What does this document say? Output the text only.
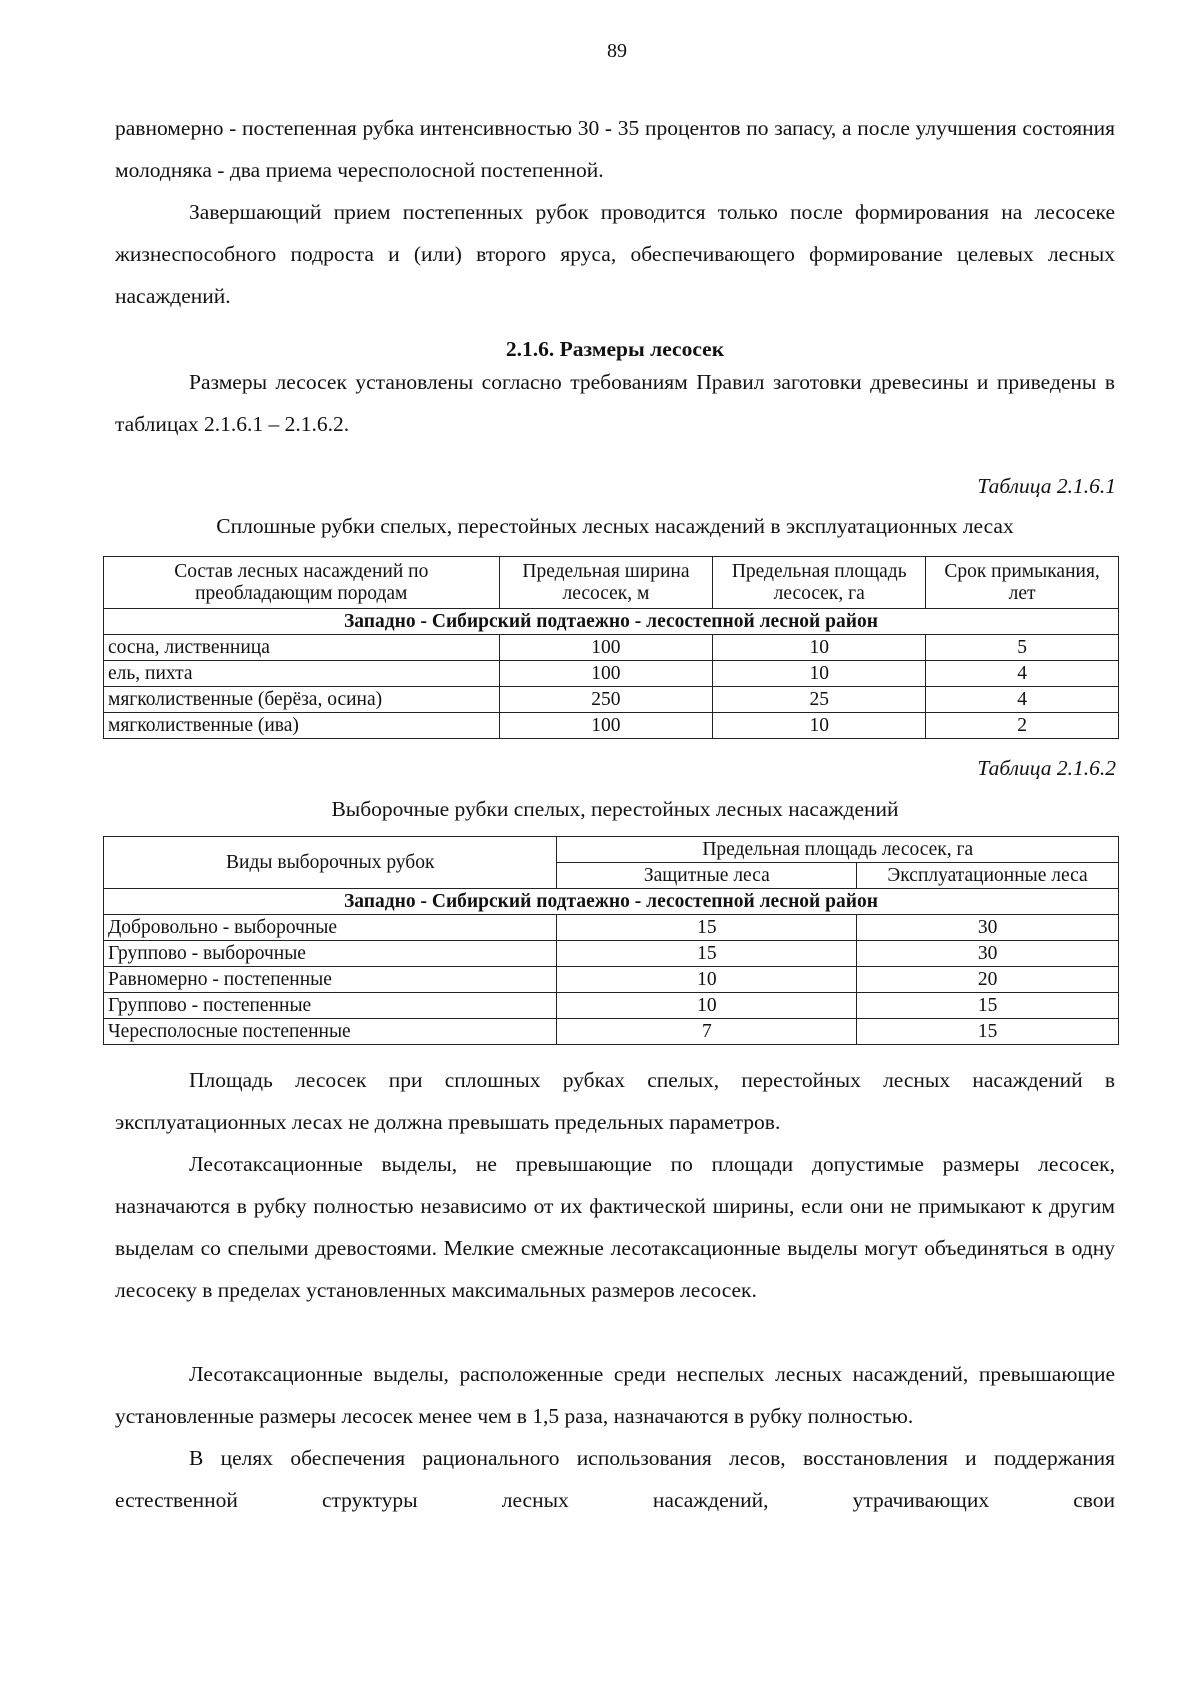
89

равномерно - постепенная рубка интенсивностью 30 - 35 процентов по запасу, а после улучшения состояния молодняка - два приема чересполосной постепенной.

Завершающий прием постепенных рубок проводится только после формирования на лесосеке жизнеспособного подроста и (или) второго яруса, обеспечивающего формирование целевых лесных насаждений.

2.1.6. Размеры лесосек

Размеры лесосек установлены согласно требованиям Правил заготовки древесины и приведены в таблицах 2.1.6.1 – 2.1.6.2.

Таблица 2.1.6.1
Сплошные рубки спелых, перестойных лесных насаждений в эксплуатационных лесах
Состав лесных насаждений по преобладающим породам	Предельная ширина лесосек, м	Предельная площадь лесосек, га	Срок примыкания, лет
Западно - Сибирский подтаежно - лесостепной лесной район			
сосна, лиственница	100	10	5
ель, пихта	100	10	4
мягколиственные (берёза, осина)	250	25	4
мягколиственные (ива)	100	10	2
Таблица 2.1.6.2
Выборочные рубки спелых, перестойных лесных насаждений
Виды выборочных рубок	Предельная площадь лесосек, га	
	Защитные леса	Эксплуатационные леса
Западно - Сибирский подтаежно - лесостепной лесной район		
Добровольно - выборочные	15	30
Группово - выборочные	15	30
Равномерно - постепенные	10	20
Группово - постепенные	10	15
Чересполосные постепенные	7	15

Площадь лесосек при сплошных рубках спелых, перестойных лесных насаждений в эксплуатационных лесах не должна превышать предельных параметров.

Лесотаксационные выделы, не превышающие по площади допустимые размеры лесосек, назначаются в рубку полностью независимо от их фактической ширины, если они не примыкают к другим выделам со спелыми древостоями. Мелкие смежные лесотаксационные выделы могут объединяться в одну лесосеку в пределах установленных максимальных размеров лесосек.

Лесотаксационные выделы, расположенные среди неспелых лесных насаждений, превышающие установленные размеры лесосек менее чем в 1,5 раза, назначаются в рубку полностью.

В целях обеспечения рационального использования лесов, восстановления и поддержания естественной структуры лесных насаждений, утрачивающих свои
